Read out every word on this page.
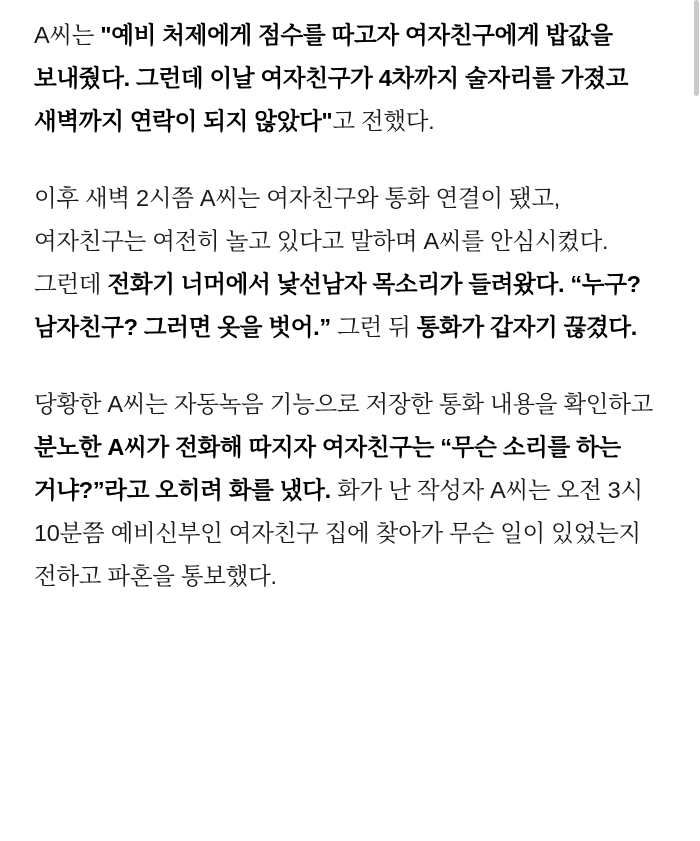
A씨는 "예비 처제에게 점수를 따고자 여자친구에게 밥값을 보내줬다. 그런데 이날 여자친구가 4차까지 술자리를 가졌고 새벽까지 연락이 되지 않았다"고 전했다.

이후 새벽 2시쯤 A씨는 여자친구와 통화 연결이 됐고, 여자친구는 여전히 놀고 있다고 말하며 A씨를 안심시켰다. 그런데 전화기 너머에서 낯선남자 목소리가 들려왔다. “누구? 남자친구? 그러면 옷을 벗어.” 그런 뒤 통화가 갑자기 끊겼다.

당황한 A씨는 자동녹음 기능으로 저장한 통화 내용을 확인하고 분노한 A씨가 전화해 따지자 여자친구는 “무슨 소리를 하는 거냐?”라고 오히려 화를 냈다. 화가 난 작성자 A씨는 오전 3시 10분쯤 예비신부인 여자친구 집에 찾아가 무슨 일이 있었는지 전하고 파혼을 통보했다.
